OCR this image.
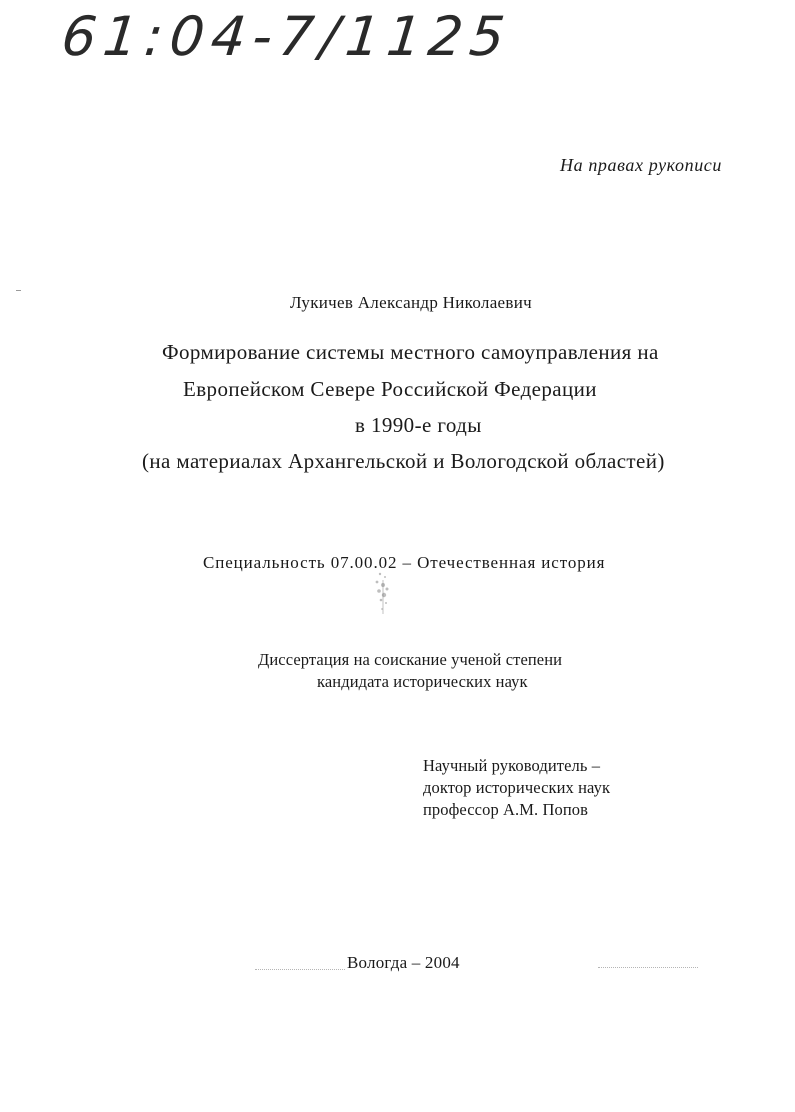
61:04-7/1125
На правах рукописи
Лукичев Александр Николаевич
Формирование системы местного самоуправления на
Европейском Севере Российской Федерации
в 1990-е годы
(на материалах Архангельской и Вологодской областей)
Специальность 07.00.02 – Отечественная история
Диссертация на соискание ученой степени
кандидата исторических наук
Научный руководитель –
доктор исторических наук
профессор А.М. Попов
Вологда – 2004
